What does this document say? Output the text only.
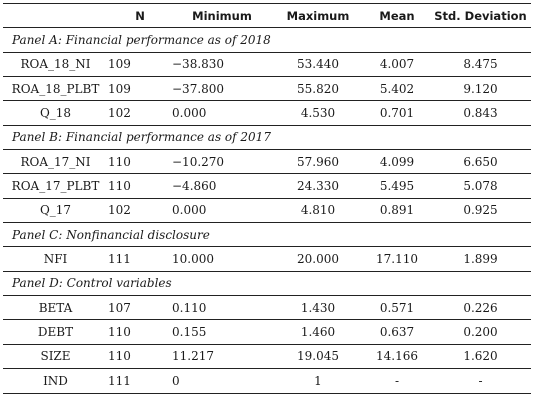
	N	Minimum	Maximum	Mean	Std. Deviation
Panel A: Financial performance as of 2018					
ROA_18_NI	109	−38.830	53.440	4.007	8.475
ROA_18_PLBT	109	−37.800	55.820	5.402	9.120
Q_18	102	0.000	4.530	0.701	0.843
Panel B: Financial performance as of 2017					
ROA_17_NI	110	−10.270	57.960	4.099	6.650
ROA_17_PLBT	110	−4.860	24.330	5.495	5.078
Q_17	102	0.000	4.810	0.891	0.925
Panel C: Nonfinancial disclosure					
NFI	111	10.000	20.000	17.110	1.899
Panel D: Control variables					
BETA	107	0.110	1.430	0.571	0.226
DEBT	110	0.155	1.460	0.637	0.200
SIZE	110	11.217	19.045	14.166	1.620
IND	111	0	1	-	-
